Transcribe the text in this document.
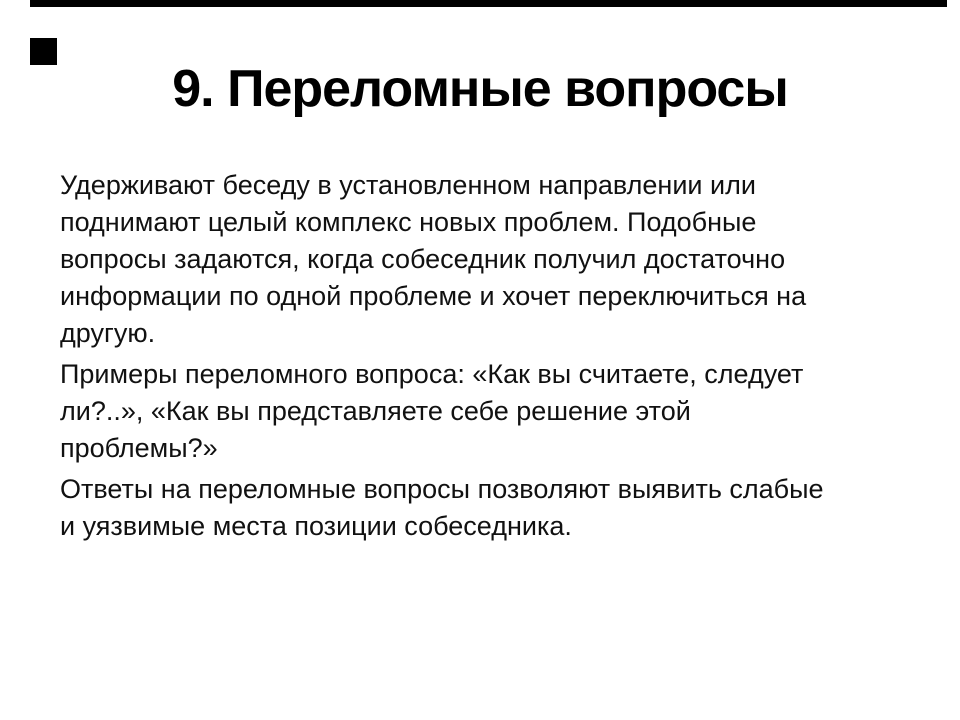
9. Переломные вопросы
Удерживают беседу в установленном направлении или
поднимают целый комплекс новых проблем. Подобные
вопросы задаются, когда собеседник получил достаточно
информации по одной проблеме и хочет переключиться на
другую.
Примеры переломного вопроса: «Как вы считаете, следует
ли?..», «Как вы представляете себе решение этой
проблемы?»
Ответы на переломные вопросы позволяют выявить слабые
и уязвимые места позиции собеседника.
